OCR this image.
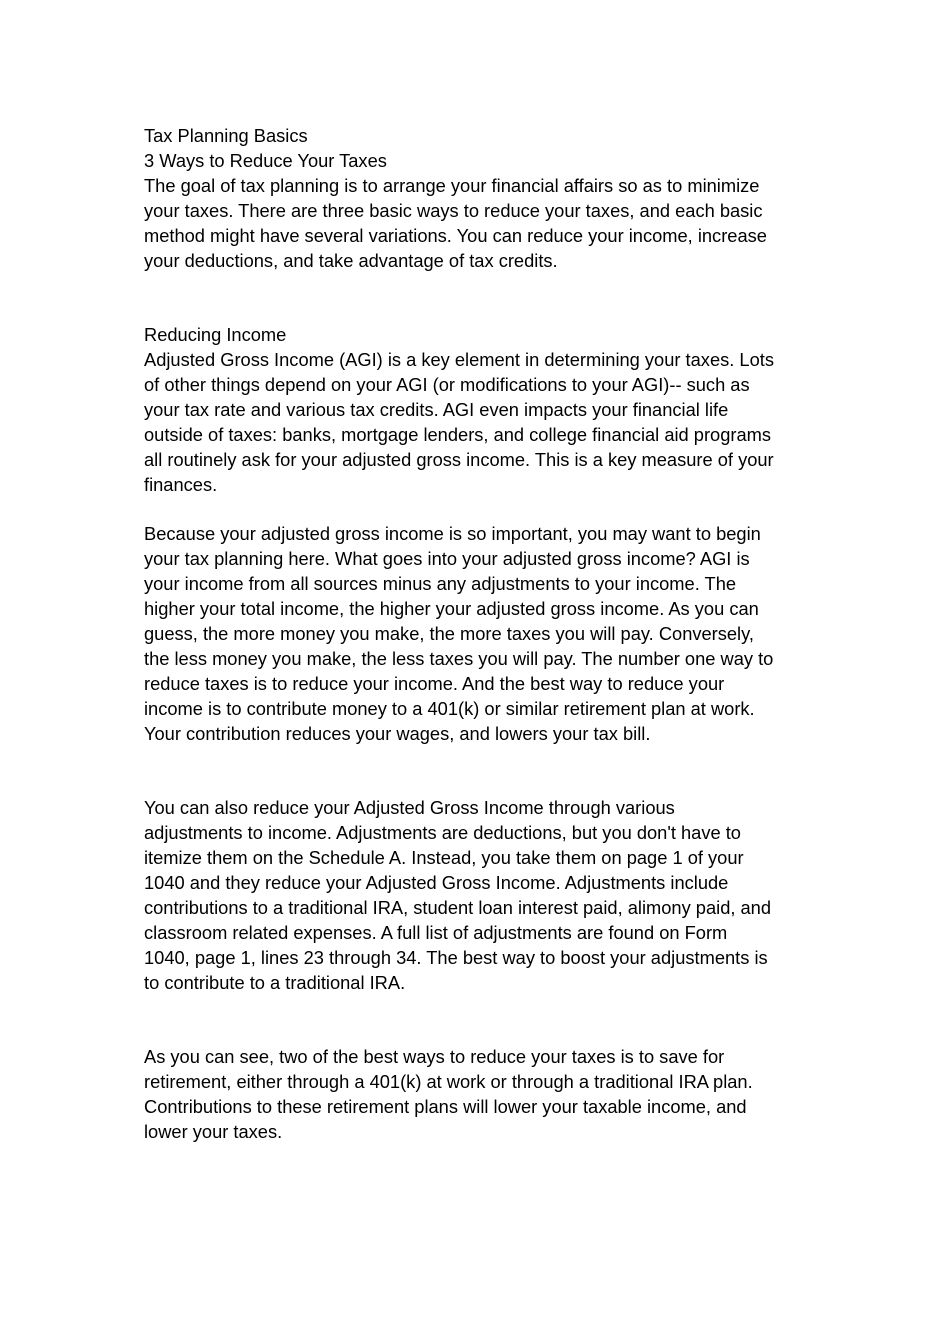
Tax Planning Basics

3 Ways to Reduce Your Taxes

The goal of tax planning is to arrange your financial affairs so as to minimize
your taxes. There are three basic ways to reduce your taxes, and each basic
method might have several variations. You can reduce your income, increase
your deductions, and take advantage of tax credits.

Reducing Income

Adjusted Gross Income (AGI) is a key element in determining your taxes. Lots
of other things depend on your AGI (or modifications to your AGI)-- such as
your tax rate and various tax credits. AGI even impacts your financial life
outside of taxes: banks, mortgage lenders, and college financial aid programs
all routinely ask for your adjusted gross income. This is a key measure of your
finances.

Because your adjusted gross income is so important, you may want to begin
your tax planning here. What goes into your adjusted gross income? AGI is
your income from all sources minus any adjustments to your income. The
higher your total income, the higher your adjusted gross income. As you can
guess, the more money you make, the more taxes you will pay. Conversely,
the less money you make, the less taxes you will pay. The number one way to
reduce taxes is to reduce your income. And the best way to reduce your
income is to contribute money to a 401(k) or similar retirement plan at work.
Your contribution reduces your wages, and lowers your tax bill.

You can also reduce your Adjusted Gross Income through various
adjustments to income. Adjustments are deductions, but you don't have to
itemize them on the Schedule A. Instead, you take them on page 1 of your
1040 and they reduce your Adjusted Gross Income. Adjustments include
contributions to a traditional IRA, student loan interest paid, alimony paid, and
classroom related expenses. A full list of adjustments are found on Form
1040, page 1, lines 23 through 34. The best way to boost your adjustments is
to contribute to a traditional IRA.

As you can see, two of the best ways to reduce your taxes is to save for
retirement, either through a 401(k) at work or through a traditional IRA plan.
Contributions to these retirement plans will lower your taxable income, and
lower your taxes.
